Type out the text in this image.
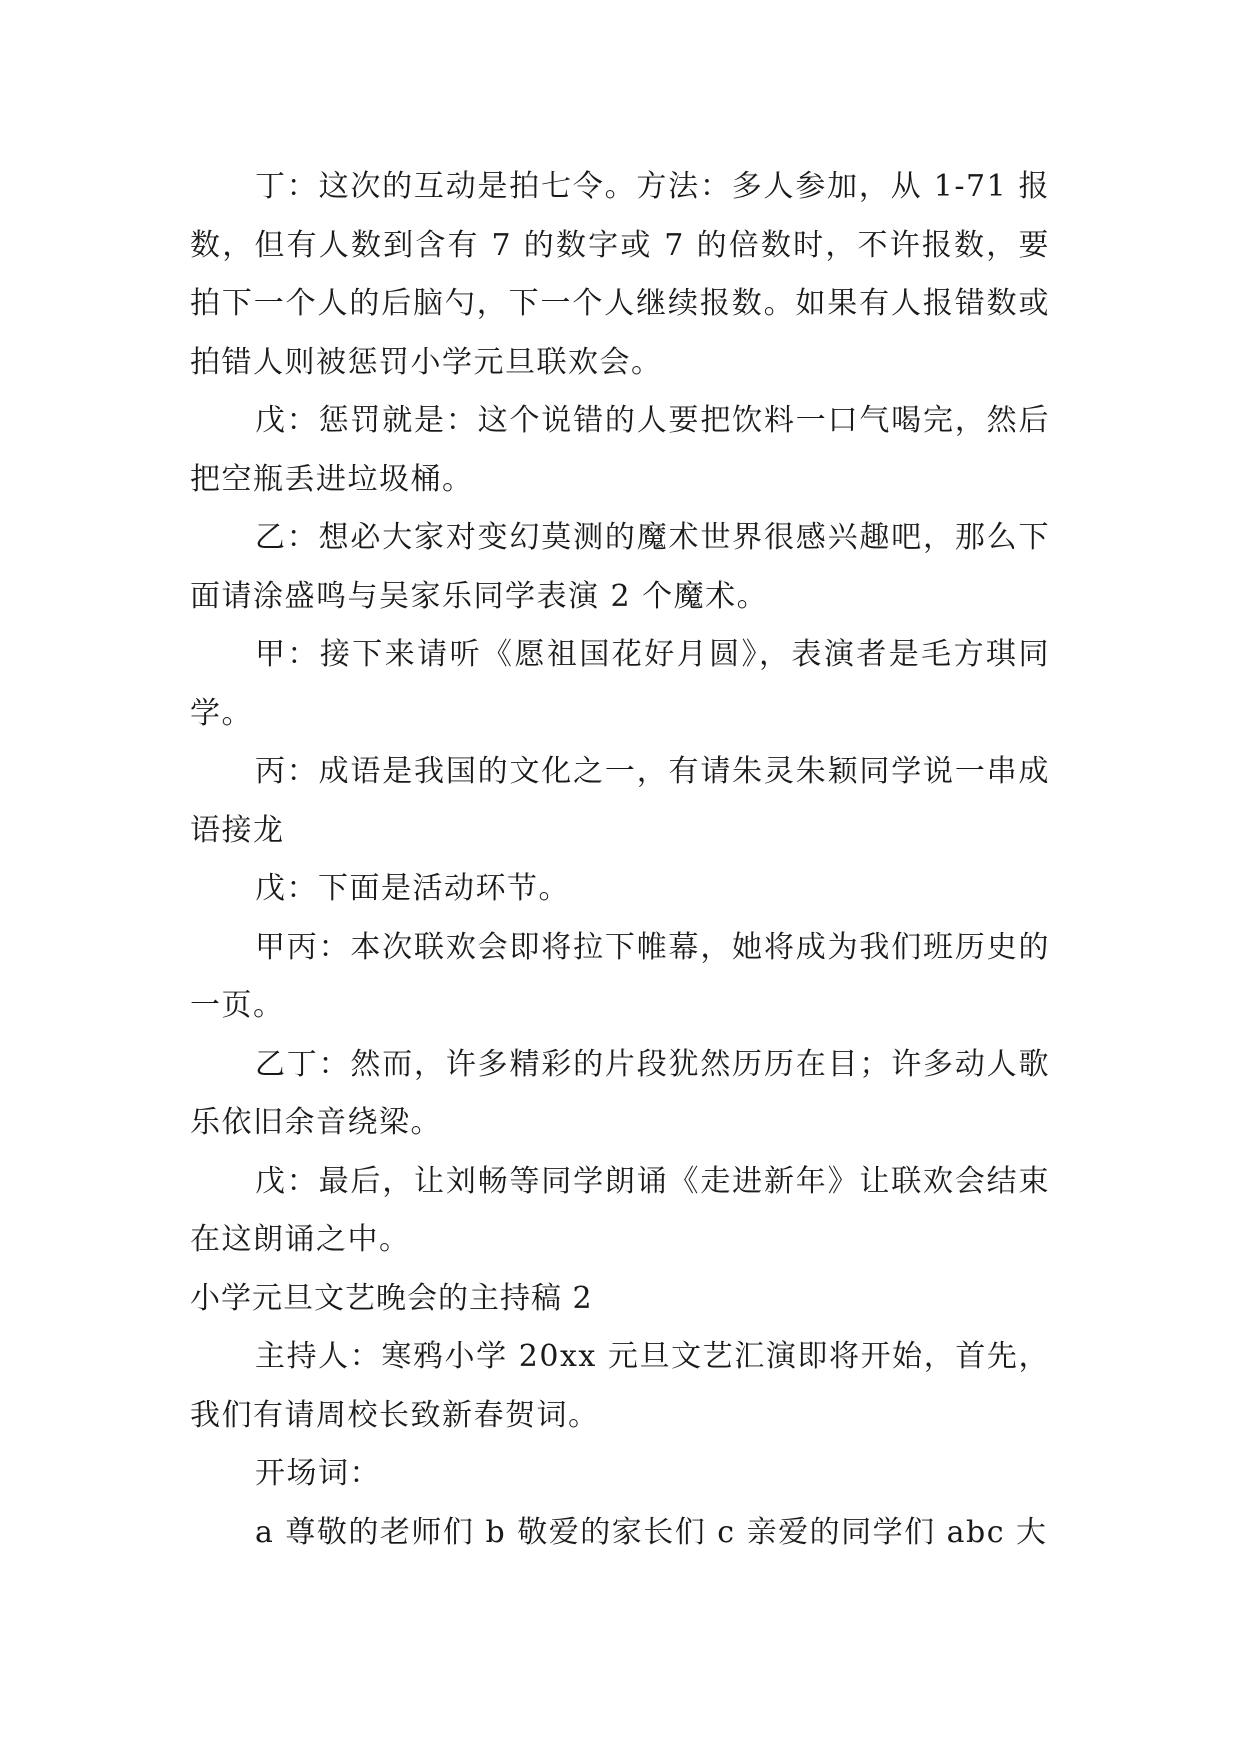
丁：这次的互动是拍七令。方法：多人参加，从 1-71 报数，但有人数到含有 7 的数字或 7 的倍数时，不许报数，要拍下一个人的后脑勺，下一个人继续报数。如果有人报错数或拍错人则被惩罚小学元旦联欢会。

戊：惩罚就是：这个说错的人要把饮料一口气喝完，然后把空瓶丢进垃圾桶。

乙：想必大家对变幻莫测的魔术世界很感兴趣吧，那么下面请涂盛鸣与吴家乐同学表演 2 个魔术。

甲：接下来请听《愿祖国花好月圆》，表演者是毛方琪同学。

丙：成语是我国的文化之一，有请朱灵朱颖同学说一串成语接龙

戊：下面是活动环节。

甲丙：本次联欢会即将拉下帷幕，她将成为我们班历史的一页。

乙丁：然而，许多精彩的片段犹然历历在目；许多动人歌乐依旧余音绕梁。

戊：最后，让刘畅等同学朗诵《走进新年》让联欢会结束在这朗诵之中。

小学元旦文艺晚会的主持稿 2

主持人：寒鸦小学 20xx 元旦文艺汇演即将开始，首先，我们有请周校长致新春贺词。

开场词：

a 尊敬的老师们 b 敬爱的家长们 c 亲爱的同学们 abc 大
